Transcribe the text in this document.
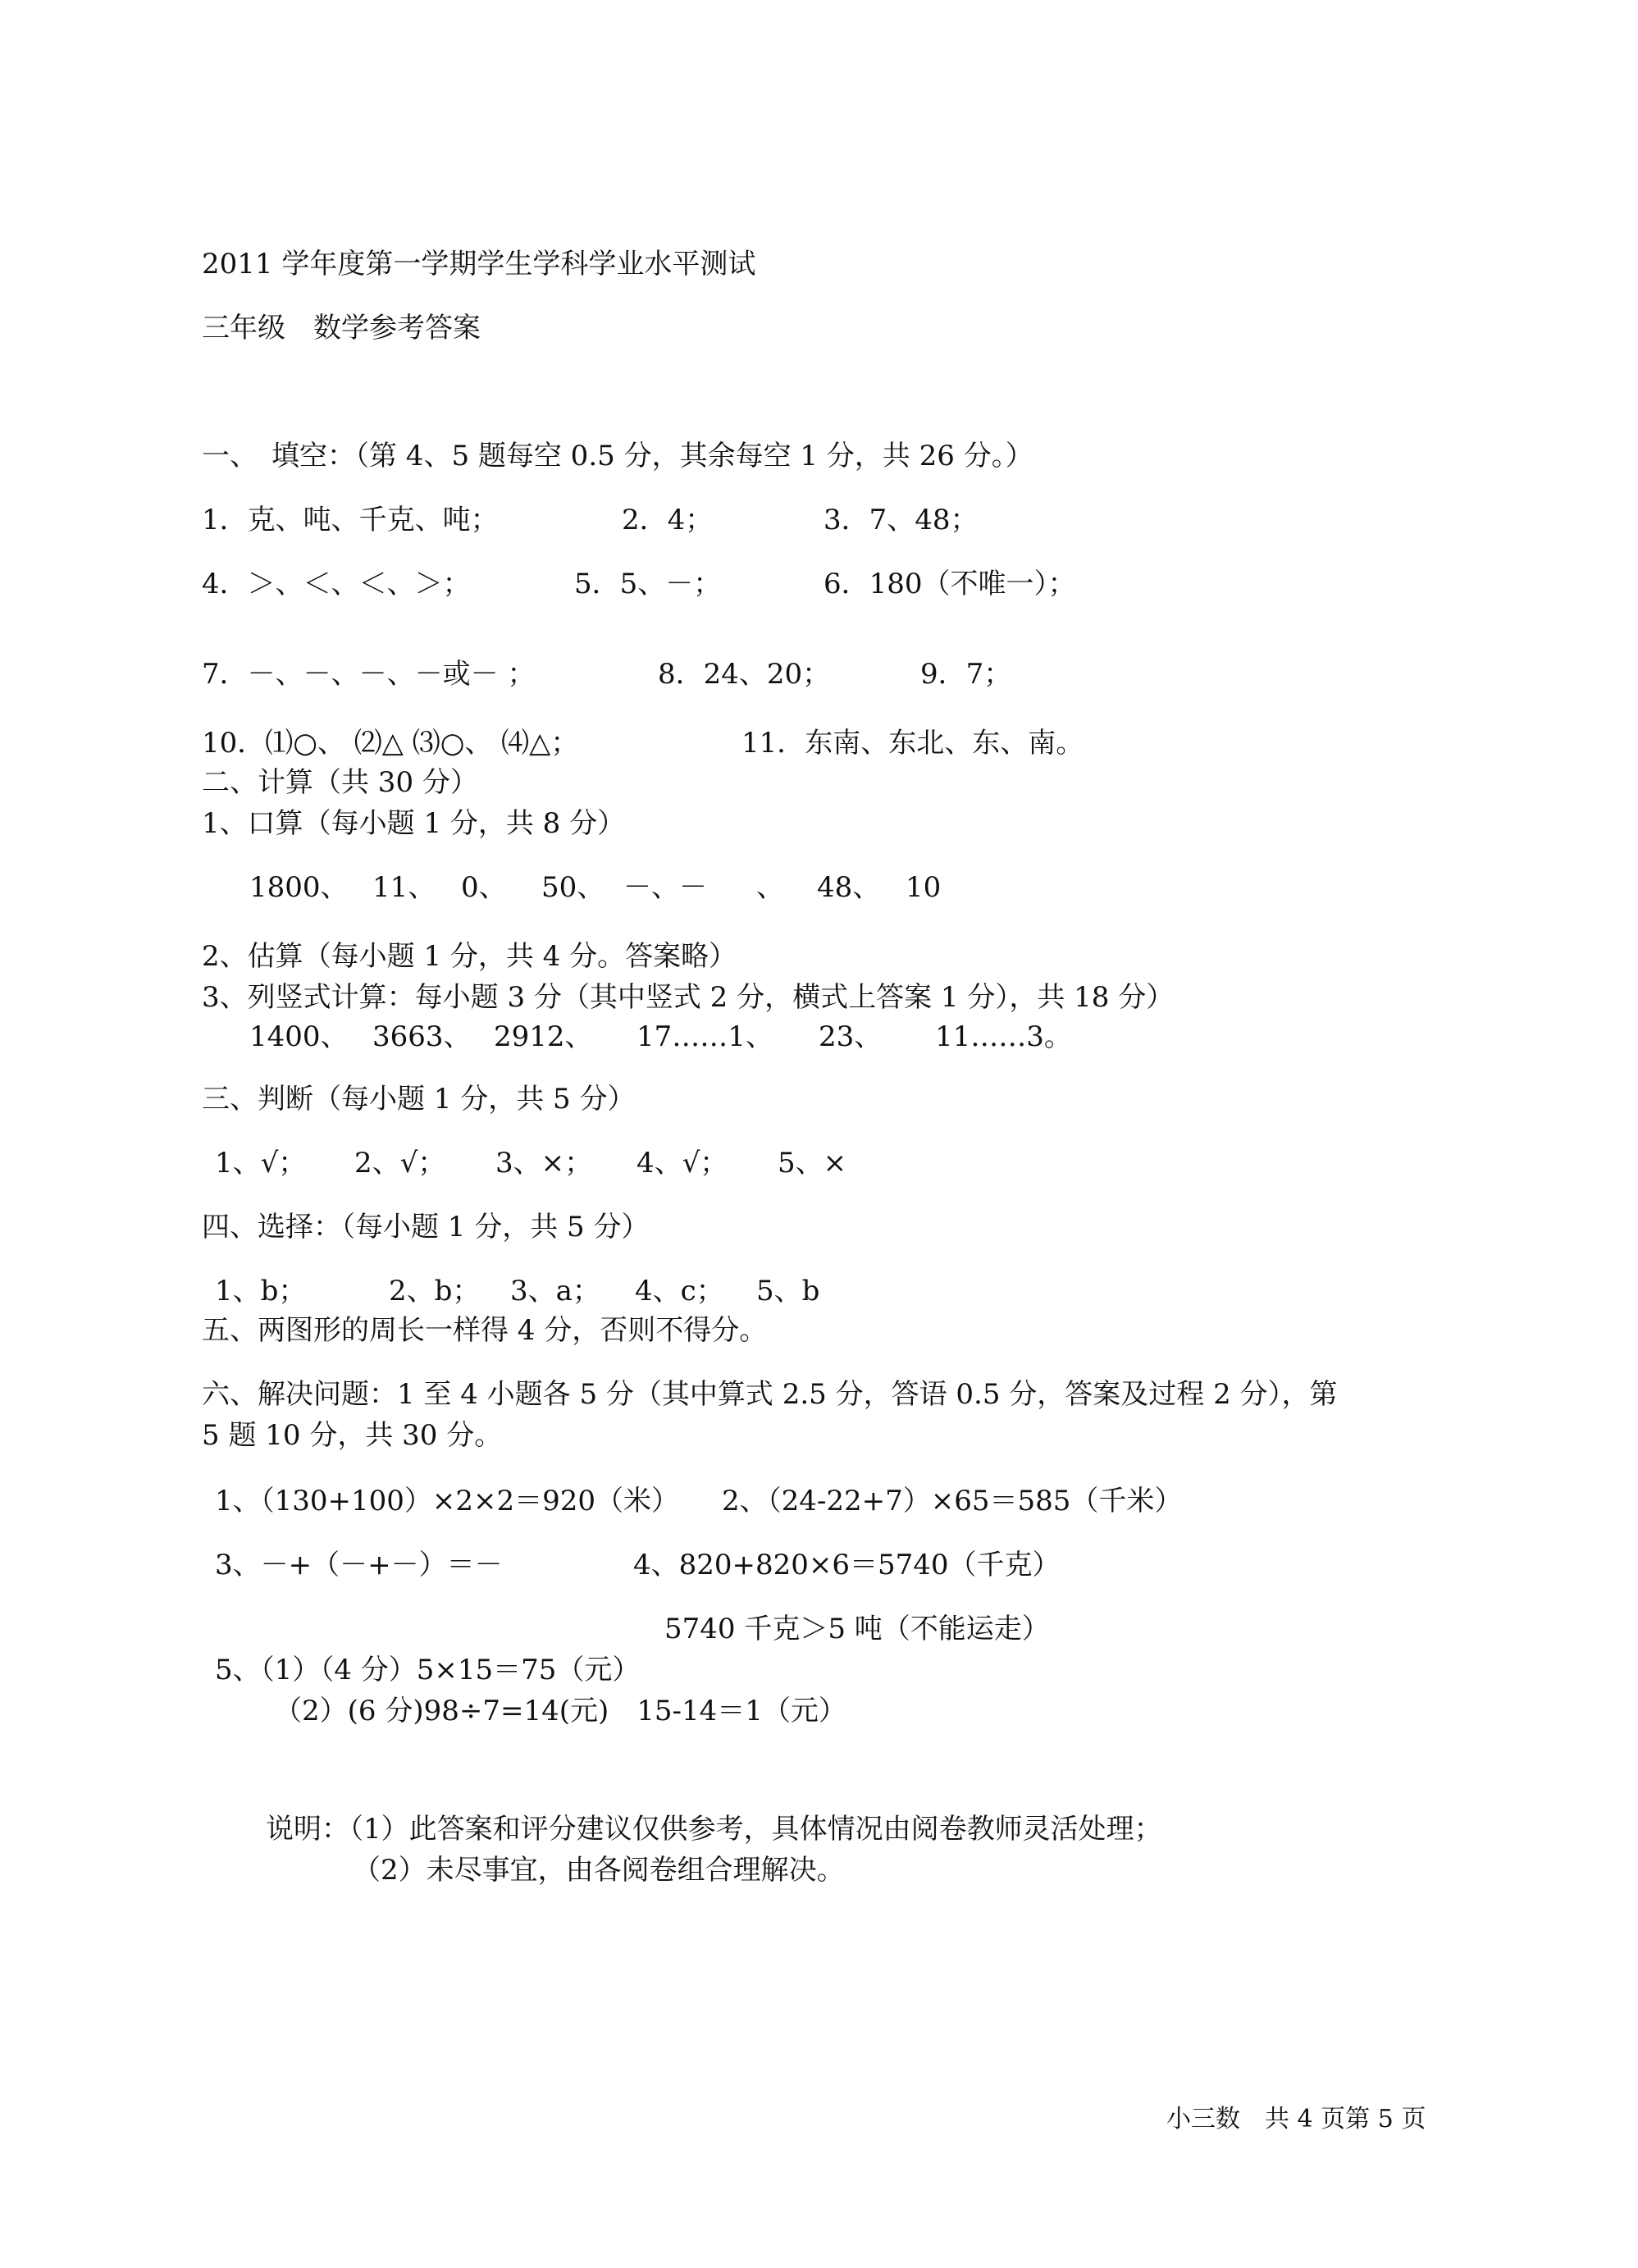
2011 学年度第一学期学生学科学业水平测试

三年级　数学参考答案

一、　填空：（第 4、5 题每空 0.5 分，其余每空 1 分，共 26 分。）

1．克、吨、千克、吨；	2．4；	3．7、48；

4．＞、＜、＜、＞；	5．5、－；	6．180（不唯一）；

7．－、－、－、－或－ ；	8．24、20；	9．7；

10．⑴○、 ⑵△ ⑶○、 ⑷△；	11．东南、东北、东、南。

二、计算（共 30 分）

1、口算（每小题 1 分，共 8 分）

1800、 11、 0、 50、 －、－ 、 48、 10

2、估算（每小题 1 分，共 4 分。答案略）

3、列竖式计算：每小题 3 分（其中竖式 2 分，横式上答案 1 分），共 18 分）

1400、 3663、 2912、 17……1、 23、 11……3。

三、判断（每小题 1 分，共 5 分）

1、√； 2、√； 3、×； 4、√； 5、×

四、选择：（每小题 1 分，共 5 分）

1、b；	2、b； 3、a； 4、c； 5、b

五、两图形的周长一样得 4 分，否则不得分。

六、解决问题：1 至 4 小题各 5 分（其中算式 2.5 分，答语 0.5 分，答案及过程 2 分），第

5 题 10 分，共 30 分。

1、（130+100）×2×2＝920（米） 2、（24-22+7）×65＝585（千米）

3、－+（－+－）＝－	4、820+820×6＝5740（千克）

5740 千克＞5 吨（不能运走）

5、（1）（4 分）5×15＝75（元）

（2）(6 分)98÷7=14(元)　15-14＝1（元）

说明：（1）此答案和评分建议仅供参考，具体情况由阅卷教师灵活处理；

（2）未尽事宜，由各阅卷组合理解决。

小三数　共 4 页第 5 页
